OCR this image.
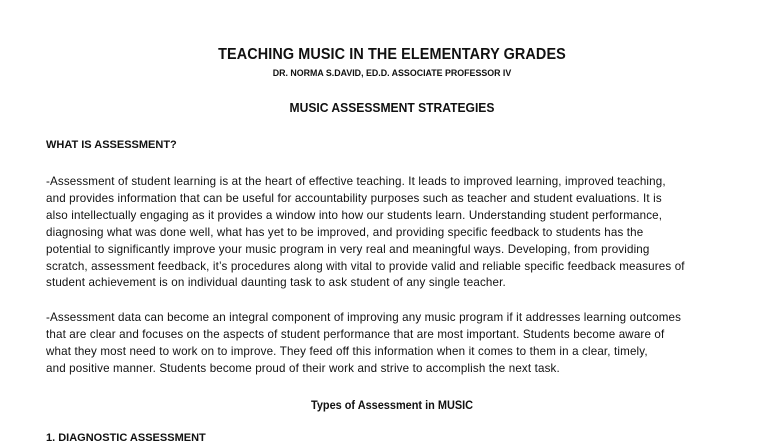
TEACHING MUSIC IN THE ELEMENTARY GRADES
DR. NORMA S.DAVID, ED.D. ASSOCIATE PROFESSOR IV
MUSIC ASSESSMENT STRATEGIES
WHAT IS ASSESSMENT?

-Assessment of student learning is at the heart of effective teaching. It leads to improved learning, improved teaching,
and provides information that can be useful for accountability purposes such as teacher and student evaluations. It is
also intellectually engaging as it provides a window into how our students learn. Understanding student performance,
diagnosing what was done well, what has yet to be improved, and providing specific feedback to students has the
potential to significantly improve your music program in very real and meaningful ways. Developing, from providing
scratch, assessment feedback, it’s procedures along with vital to provide valid and reliable specific feedback measures of
student achievement is on individual daunting task to ask student of any single teacher.

-Assessment data can become an integral component of improving any music program if it addresses learning outcomes
that are clear and focuses on the aspects of student performance that are most important. Students become aware of
what they most need to work on to improve. They feed off this information when it comes to them in a clear, timely,
and positive manner. Students become proud of their work and strive to accomplish the next task.

Types of Assessment in MUSIC
1. DIAGNOSTIC ASSESSMENT
